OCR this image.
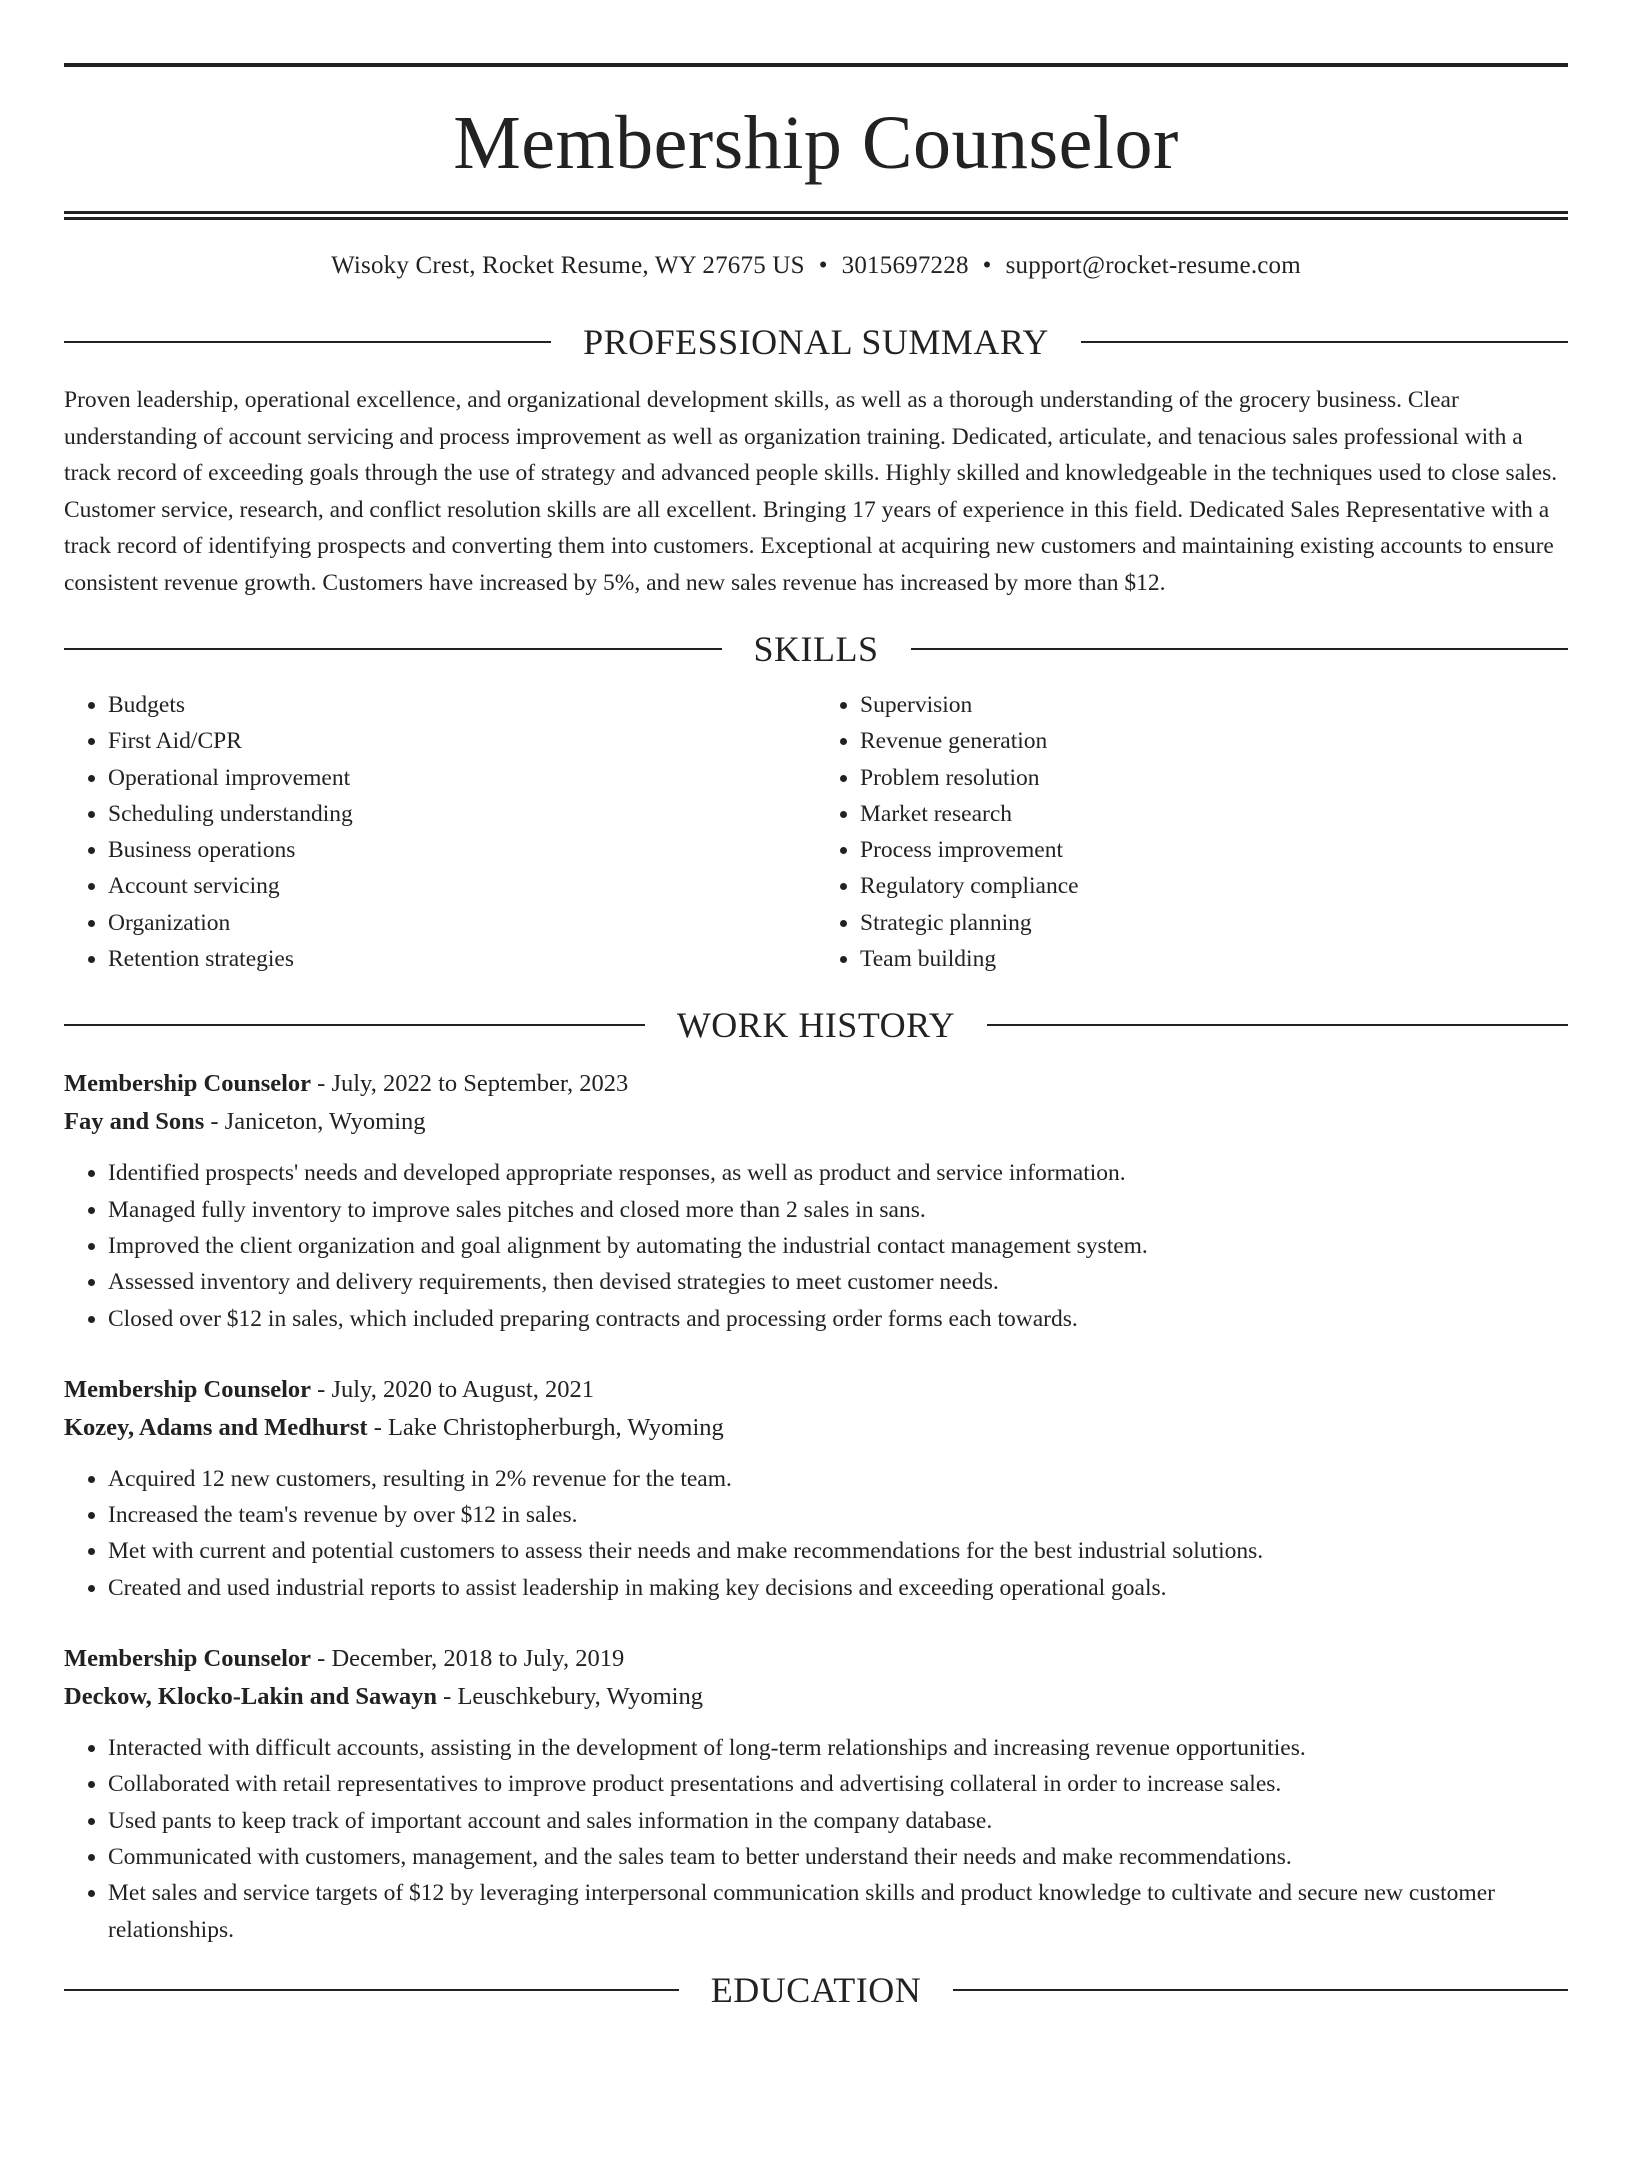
Membership Counselor
Wisoky Crest, Rocket Resume, WY 27675 US • 3015697228 • support@rocket-resume.com
PROFESSIONAL SUMMARY

Proven leadership, operational excellence, and organizational development skills, as well as a thorough understanding of the grocery business. Clear understanding of account servicing and process improvement as well as organization training. Dedicated, articulate, and tenacious sales professional with a track record of exceeding goals through the use of strategy and advanced people skills. Highly skilled and knowledgeable in the techniques used to close sales. Customer service, research, and conflict resolution skills are all excellent. Bringing 17 years of experience in this field. Dedicated Sales Representative with a track record of identifying prospects and converting them into customers. Exceptional at acquiring new customers and maintaining existing accounts to ensure consistent revenue growth. Customers have increased by 5%, and new sales revenue has increased by more than $12.

SKILLS
• Budgets
• First Aid/CPR
• Operational improvement
• Scheduling understanding
• Business operations
• Account servicing
• Organization
• Retention strategies
• Supervision
• Revenue generation
• Problem resolution
• Market research
• Process improvement
• Regulatory compliance
• Strategic planning
• Team building
WORK HISTORY
Membership Counselor - July, 2022 to September, 2023
Fay and Sons - Janiceton, Wyoming
• Identified prospects' needs and developed appropriate responses, as well as product and service information.
• Managed fully inventory to improve sales pitches and closed more than 2 sales in sans.
• Improved the client organization and goal alignment by automating the industrial contact management system.
• Assessed inventory and delivery requirements, then devised strategies to meet customer needs.
• Closed over $12 in sales, which included preparing contracts and processing order forms each towards.
Membership Counselor - July, 2020 to August, 2021
Kozey, Adams and Medhurst - Lake Christopherburgh, Wyoming
• Acquired 12 new customers, resulting in 2% revenue for the team.
• Increased the team's revenue by over $12 in sales.
• Met with current and potential customers to assess their needs and make recommendations for the best industrial solutions.
• Created and used industrial reports to assist leadership in making key decisions and exceeding operational goals.
Membership Counselor - December, 2018 to July, 2019
Deckow, Klocko-Lakin and Sawayn - Leuschkebury, Wyoming
• Interacted with difficult accounts, assisting in the development of long-term relationships and increasing revenue opportunities.
• Collaborated with retail representatives to improve product presentations and advertising collateral in order to increase sales.
• Used pants to keep track of important account and sales information in the company database.
• Communicated with customers, management, and the sales team to better understand their needs and make recommendations.
• Met sales and service targets of $12 by leveraging interpersonal communication skills and product knowledge to cultivate and secure new customer relationships.
EDUCATION
